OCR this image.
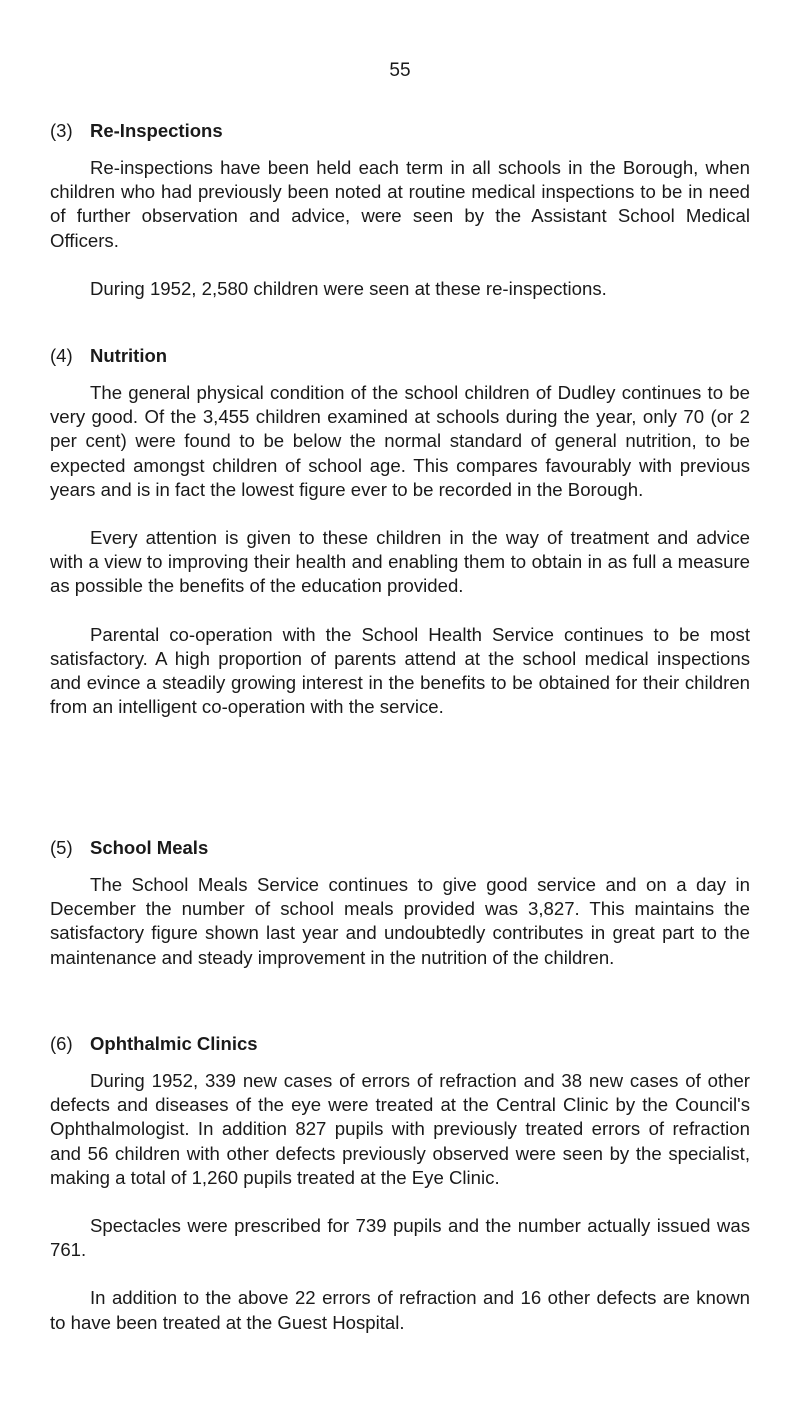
55
(3) Re-Inspections

Re-inspections have been held each term in all schools in the Borough, when children who had previously been noted at routine medical inspections to be in need of further observation and advice, were seen by the Assistant School Medical Officers.

During 1952, 2,580 children were seen at these re-inspections.

(4) Nutrition

The general physical condition of the school children of Dudley continues to be very good. Of the 3,455 children examined at schools during the year, only 70 (or 2 per cent) were found to be below the normal standard of general nutrition, to be expected amongst children of school age. This compares favourably with previous years and is in fact the lowest figure ever to be recorded in the Borough.

Every attention is given to these children in the way of treatment and advice with a view to improving their health and enabling them to obtain in as full a measure as possible the benefits of the education provided.

Parental co-operation with the School Health Service continues to be most satisfactory. A high proportion of parents attend at the school medical inspections and evince a steadily growing interest in the benefits to be obtained for their children from an intelligent co-operation with the service.

(5) School Meals

The School Meals Service continues to give good service and on a day in December the number of school meals provided was 3,827. This maintains the satisfactory figure shown last year and undoubtedly contributes in great part to the maintenance and steady improvement in the nutrition of the children.

(6) Ophthalmic Clinics

During 1952, 339 new cases of errors of refraction and 38 new cases of other defects and diseases of the eye were treated at the Central Clinic by the Council's Ophthalmologist. In addition 827 pupils with previously treated errors of refraction and 56 children with other defects previously observed were seen by the specialist, making a total of 1,260 pupils treated at the Eye Clinic.

Spectacles were prescribed for 739 pupils and the number actually issued was 761.

In addition to the above 22 errors of refraction and 16 other defects are known to have been treated at the Guest Hospital.
